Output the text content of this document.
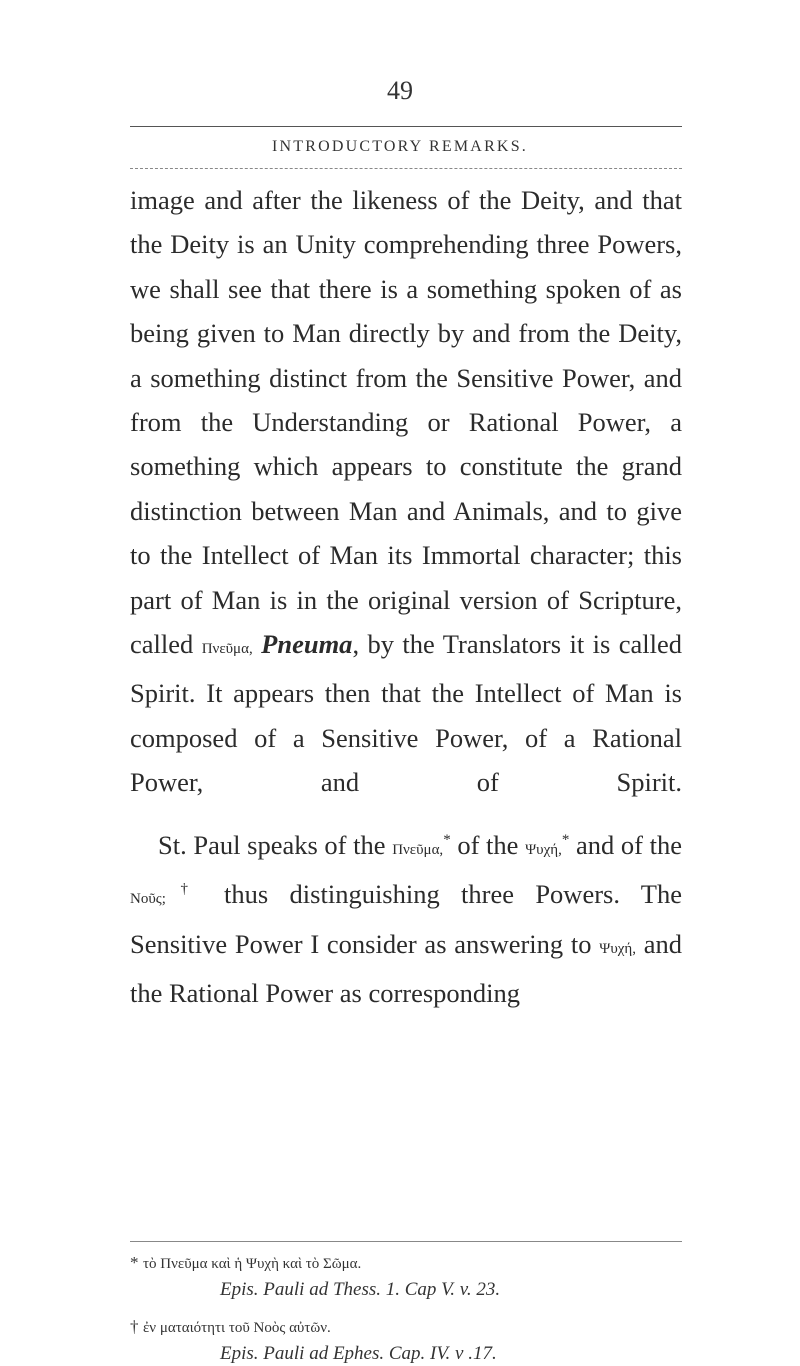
49
INTRODUCTORY REMARKS.

image and after the likeness of the Deity, and that the Deity is an Unity comprehending three Powers, we shall see that there is a something spoken of as being given to Man directly by and from the Deity, a something distinct from the Sensitive Power, and from the Understanding or Rational Power, a something which appears to constitute the grand distinction between Man and Animals, and to give to the Intellect of Man its Immortal character; this part of Man is in the original version of Scripture, called Πνεῦμα, Pneuma, by the Translators it is called Spirit. It appears then that the Intellect of Man is composed of a Sensitive Power, of a Rational Power, and of Spirit.

St. Paul speaks of the Πνεῦμα,* of the Ψυχή,* and of the Νοῦς;† thus distinguishing three Powers. The Sensitive Power I consider as answering to Ψυχή, and the Rational Power as corresponding

* τὸ Πνεῦμα καὶ ἡ Ψυχὴ καὶ τὸ Σῶμα.
Epis. Pauli ad Thess. 1. Cap V. v. 23.
† ἐν ματαιότητι τοῦ Νοὸς αὐτῶν.
Epis. Pauli ad Ephes. Cap. IV. v .17.
